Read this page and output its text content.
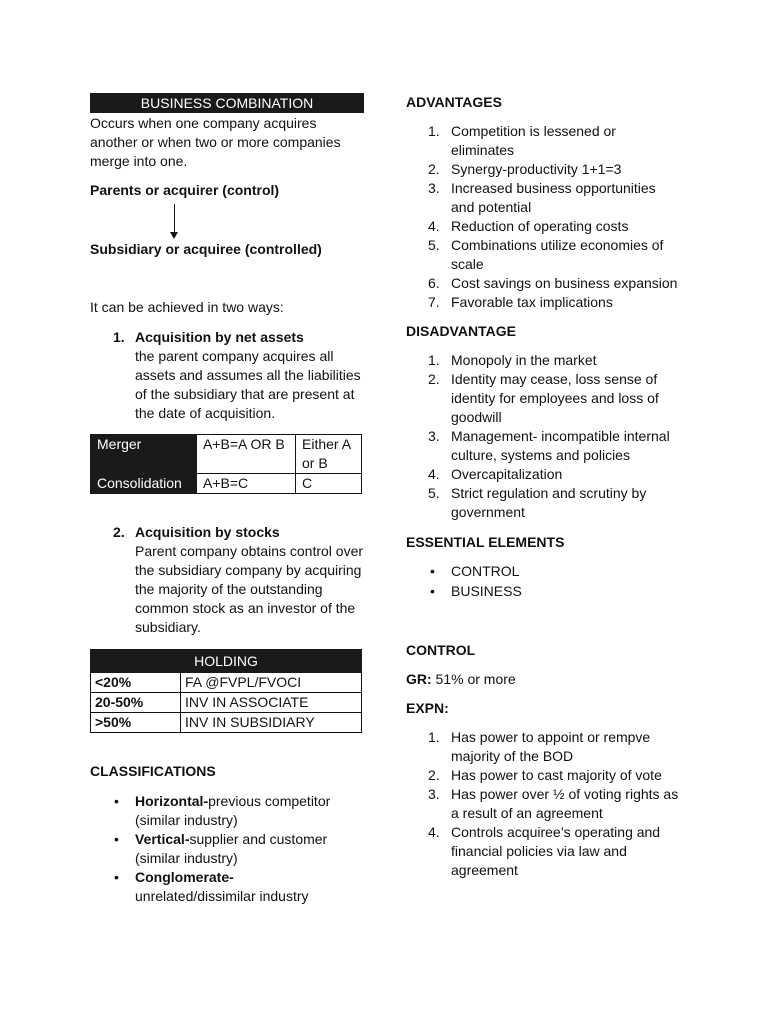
BUSINESS COMBINATION

Occurs when one company acquires another or when two or more companies merge into one.

Parents or acquirer (control)

Subsidiary or acquiree (controlled)

It can be achieved in two ways:

Acquisition by net assets
the parent company acquires all assets and assumes all the liabilities of the subsidiary that are present at the date of acquisition.
Merger	A+B=A OR B	Either A or B
Consolidation	A+B=C	C
Acquisition by stocks
Parent company obtains control over the subsidiary company by acquiring the majority of the outstanding common stock as an investor of the subsidiary.
HOLDING	
<20%	FA @FVPL/FVOCI
20-50%	INV IN ASSOCIATE
>50%	INV IN SUBSIDIARY

CLASSIFICATIONS

• Horizontal-previous competitor (similar industry)
• Vertical-supplier and customer (similar industry)
• Conglomerate-
unrelated/dissimilar industry

ADVANTAGES

Competition is lessened or eliminates
Synergy-productivity 1+1=3
Increased business opportunities and potential
Reduction of operating costs
Combinations utilize economies of scale
Cost savings on business expansion
Favorable tax implications

DISADVANTAGE

Monopoly in the market
Identity may cease, loss sense of identity for employees and loss of goodwill
Management- incompatible internal culture, systems and policies
Overcapitalization
Strict regulation and scrutiny by government

ESSENTIAL ELEMENTS

• CONTROL
• BUSINESS

CONTROL

GR: 51% or more

EXPN:

Has power to appoint or rempve majority of the BOD
Has power to cast majority of vote
Has power over ½ of voting rights as a result of an agreement
Controls acquiree’s operating and financial policies via law and agreement
